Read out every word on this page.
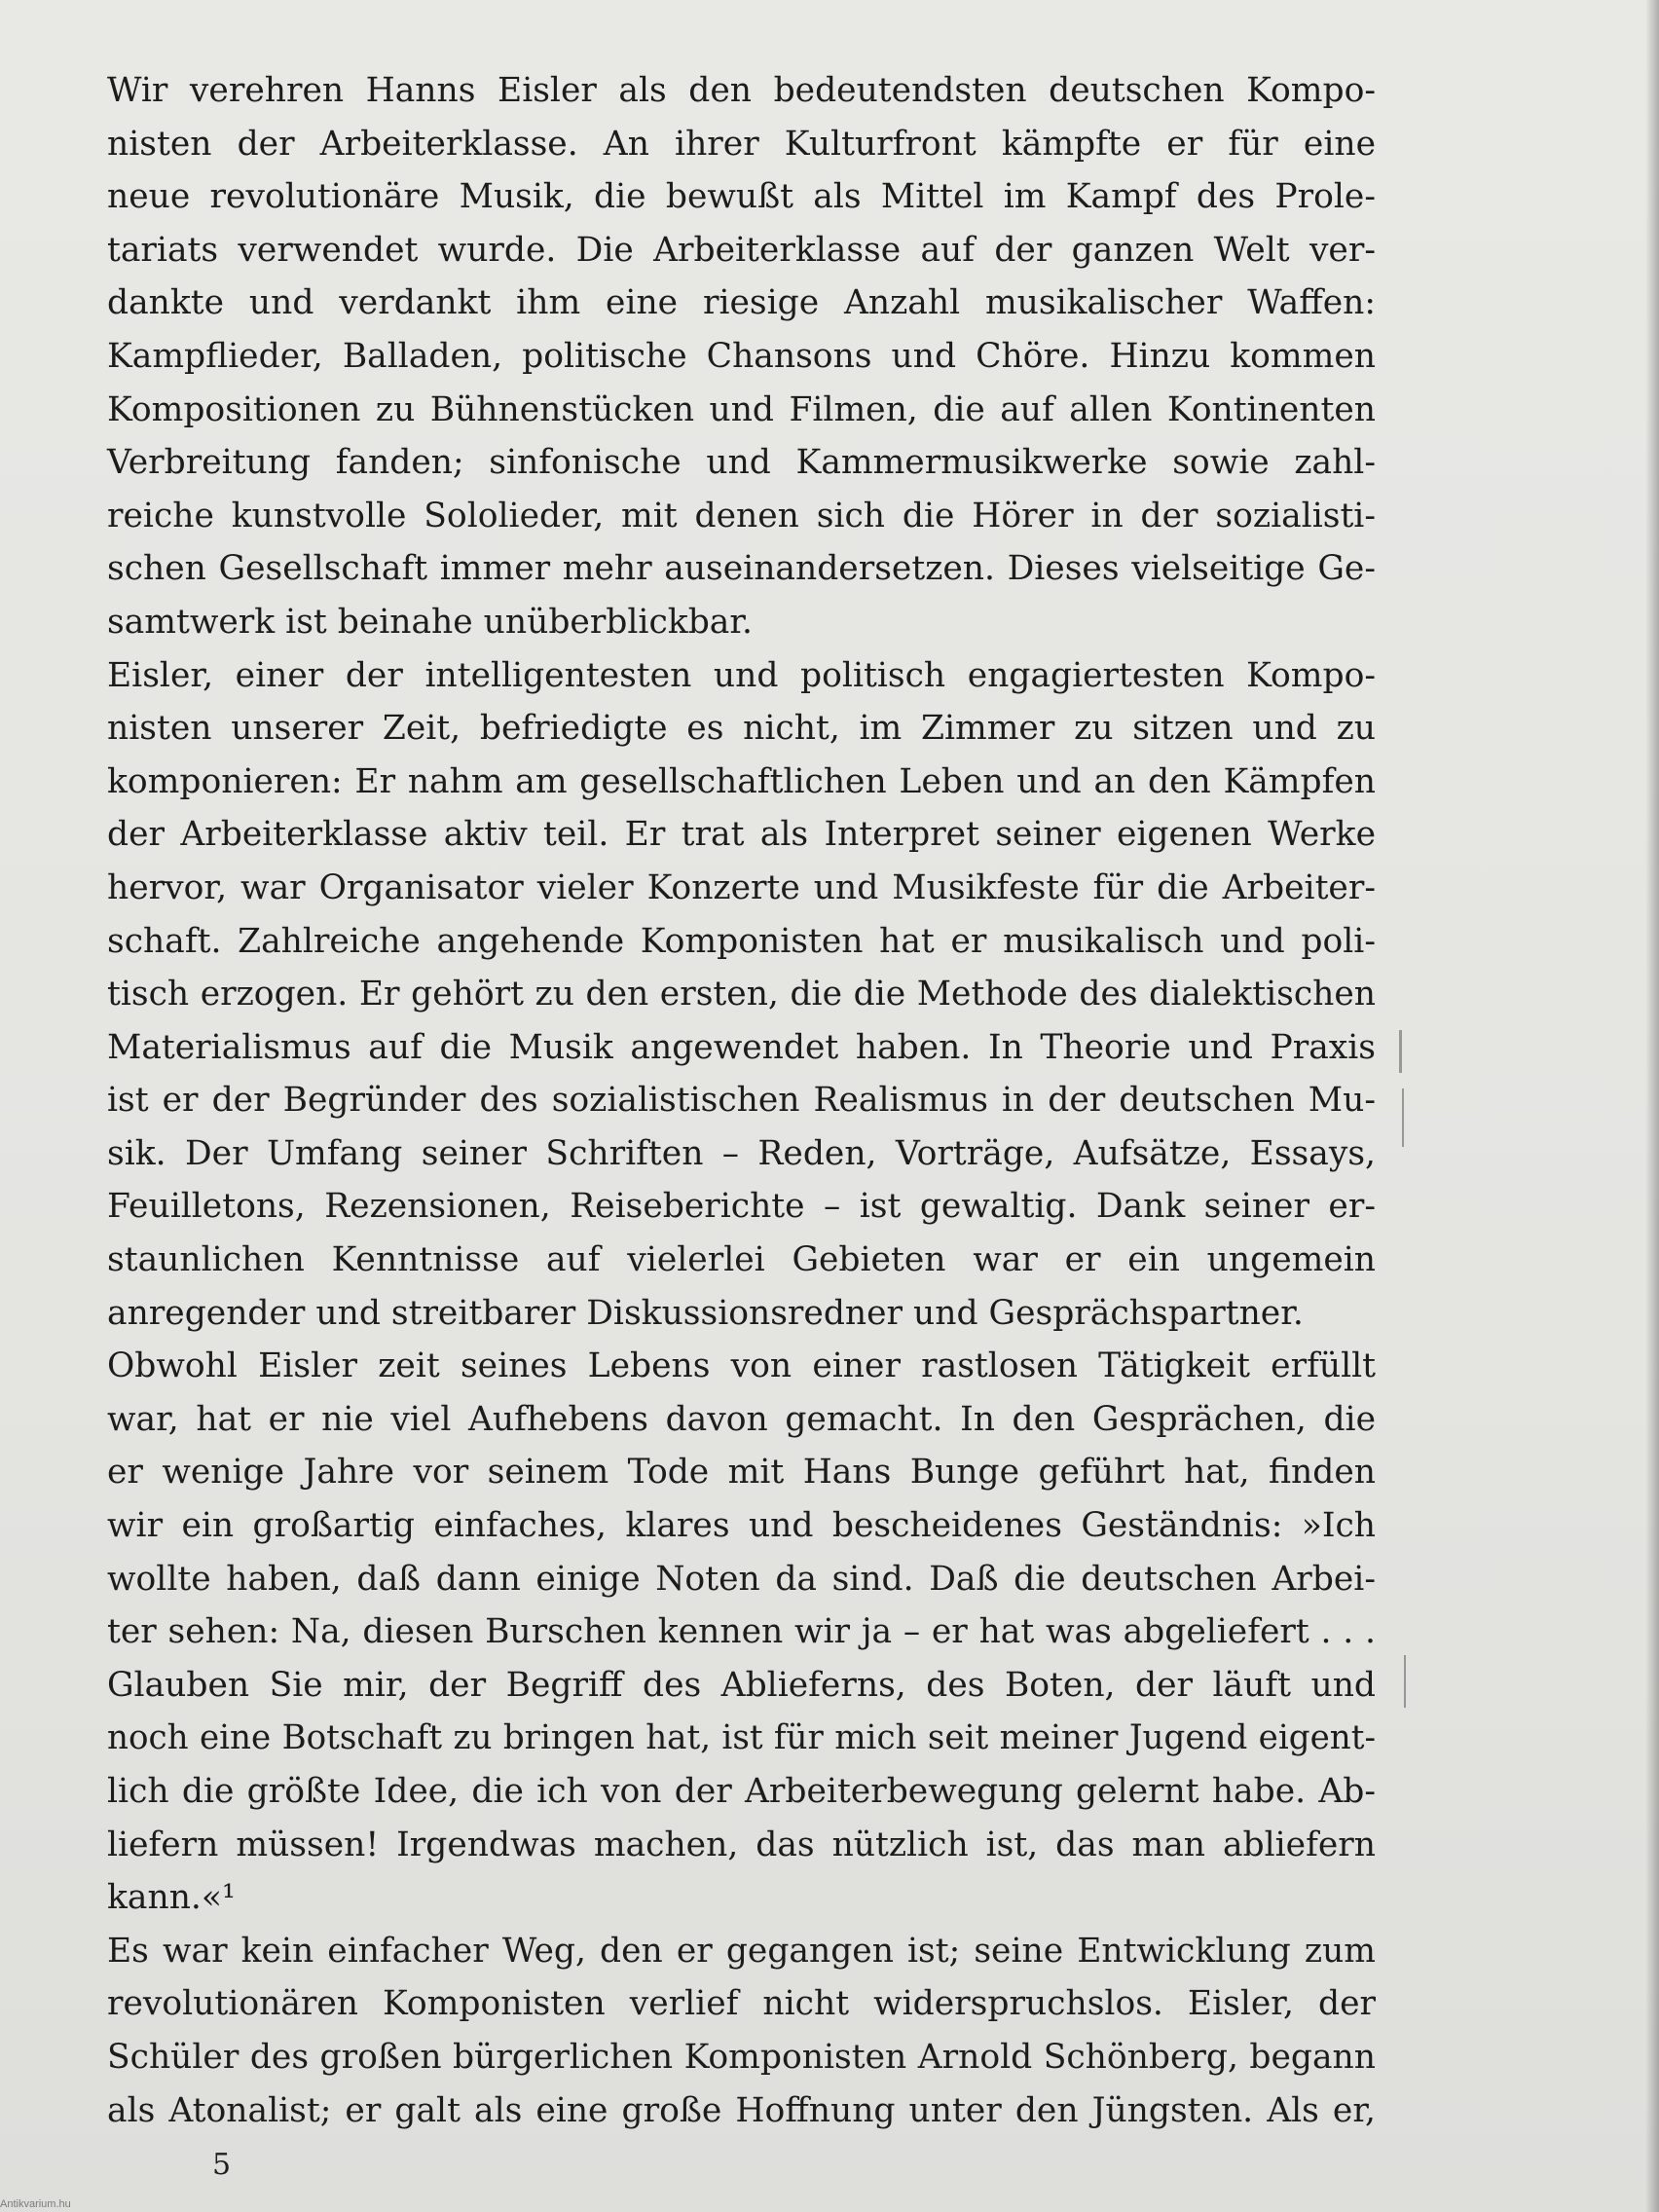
Wir verehren Hanns Eisler als den bedeutendsten deutschen Kompo-
nisten der Arbeiterklasse. An ihrer Kulturfront kämpfte er für eine
neue revolutionäre Musik, die bewußt als Mittel im Kampf des Prole-
tariats verwendet wurde. Die Arbeiterklasse auf der ganzen Welt ver-
dankte und verdankt ihm eine riesige Anzahl musikalischer Waffen:
Kampflieder, Balladen, politische Chansons und Chöre. Hinzu kommen
Kompositionen zu Bühnenstücken und Filmen, die auf allen Kontinenten
Verbreitung fanden; sinfonische und Kammermusikwerke sowie zahl-
reiche kunstvolle Sololieder, mit denen sich die Hörer in der sozialisti-
schen Gesellschaft immer mehr auseinandersetzen. Dieses vielseitige Ge-
samtwerk ist beinahe unüberblickbar.
Eisler, einer der intelligentesten und politisch engagiertesten Kompo-
nisten unserer Zeit, befriedigte es nicht, im Zimmer zu sitzen und zu
komponieren: Er nahm am gesellschaftlichen Leben und an den Kämpfen
der Arbeiterklasse aktiv teil. Er trat als Interpret seiner eigenen Werke
hervor, war Organisator vieler Konzerte und Musikfeste für die Arbeiter-
schaft. Zahlreiche angehende Komponisten hat er musikalisch und poli-
tisch erzogen. Er gehört zu den ersten, die die Methode des dialektischen
Materialismus auf die Musik angewendet haben. In Theorie und Praxis
ist er der Begründer des sozialistischen Realismus in der deutschen Mu-
sik. Der Umfang seiner Schriften – Reden, Vorträge, Aufsätze, Essays,
Feuilletons, Rezensionen, Reiseberichte – ist gewaltig. Dank seiner er-
staunlichen Kenntnisse auf vielerlei Gebieten war er ein ungemein
anregender und streitbarer Diskussionsredner und Gesprächspartner.
Obwohl Eisler zeit seines Lebens von einer rastlosen Tätigkeit erfüllt
war, hat er nie viel Aufhebens davon gemacht. In den Gesprächen, die
er wenige Jahre vor seinem Tode mit Hans Bunge geführt hat, finden
wir ein großartig einfaches, klares und bescheidenes Geständnis: »Ich
wollte haben, daß dann einige Noten da sind. Daß die deutschen Arbei-
ter sehen: Na, diesen Burschen kennen wir ja – er hat was abgeliefert . . .
Glauben Sie mir, der Begriff des Ablieferns, des Boten, der läuft und
noch eine Botschaft zu bringen hat, ist für mich seit meiner Jugend eigent-
lich die größte Idee, die ich von der Arbeiterbewegung gelernt habe. Ab-
liefern müssen! Irgendwas machen, das nützlich ist, das man abliefern
kann.«¹
Es war kein einfacher Weg, den er gegangen ist; seine Entwicklung zum
revolutionären Komponisten verlief nicht widerspruchslos. Eisler, der
Schüler des großen bürgerlichen Komponisten Arnold Schönberg, begann
als Atonalist; er galt als eine große Hoffnung unter den Jüngsten. Als er,
5
Antikvarium.hu
